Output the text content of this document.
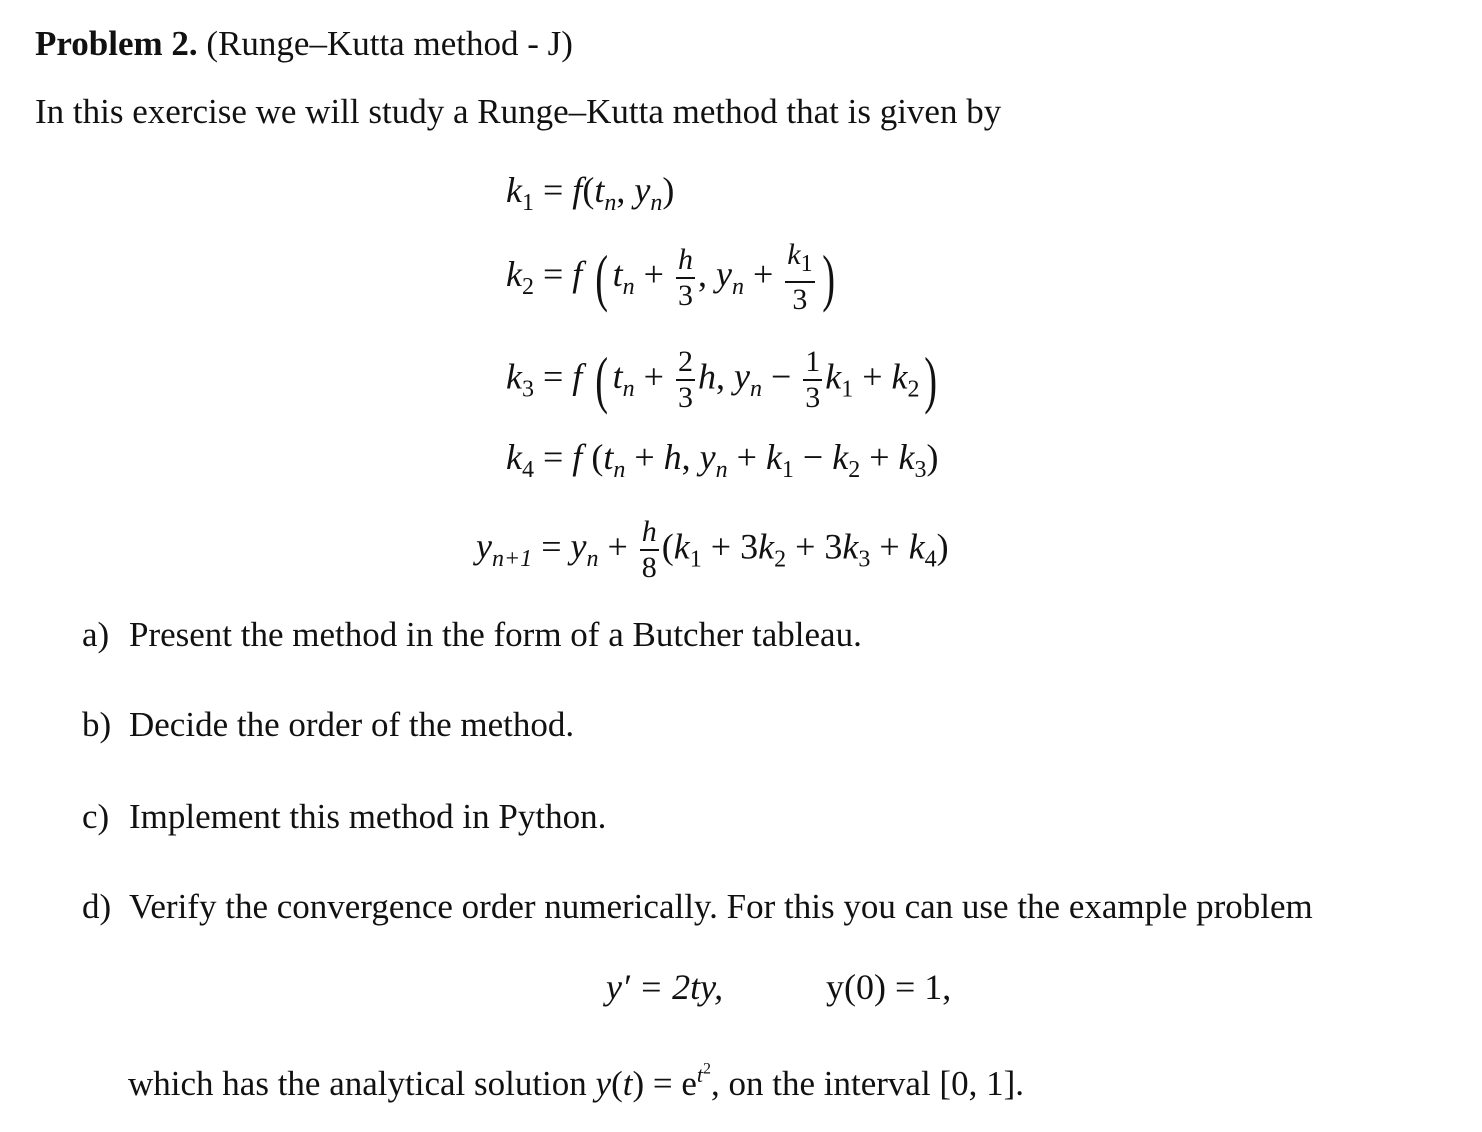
Problem 2. (Runge–Kutta method - J)
In this exercise we will study a Runge–Kutta method that is given by
$k_1 = f(t_n$, $y_n$)
$k_2 = f$ ( $t_n + \frac{h}{3}$ , $y_n + \frac{k_1}{3}$ )
$k_3 = f$ ( $t_n + \frac{2}{3} h$, $y_n - \frac{1}{3} k_1 + k_2$)
$k_4 = f$ ($t_n + h$, $y_n + k_1 - k_2 + k_3$)
$y_{n+1} = y_n + \frac{h}{8} (k_1 + 3k_2 + 3k_3 + k_4)$
a) Present the method in the form of a Butcher tableau.
b) Decide the order of the method.
c) Implement this method in Python.
d) Verify the convergence order numerically. For this you can use the example problem
y′ = 2ty,	y(0) = 1,
which has the analytical solution $y(t) = e^{t^2}$, on the interval [0, 1].
